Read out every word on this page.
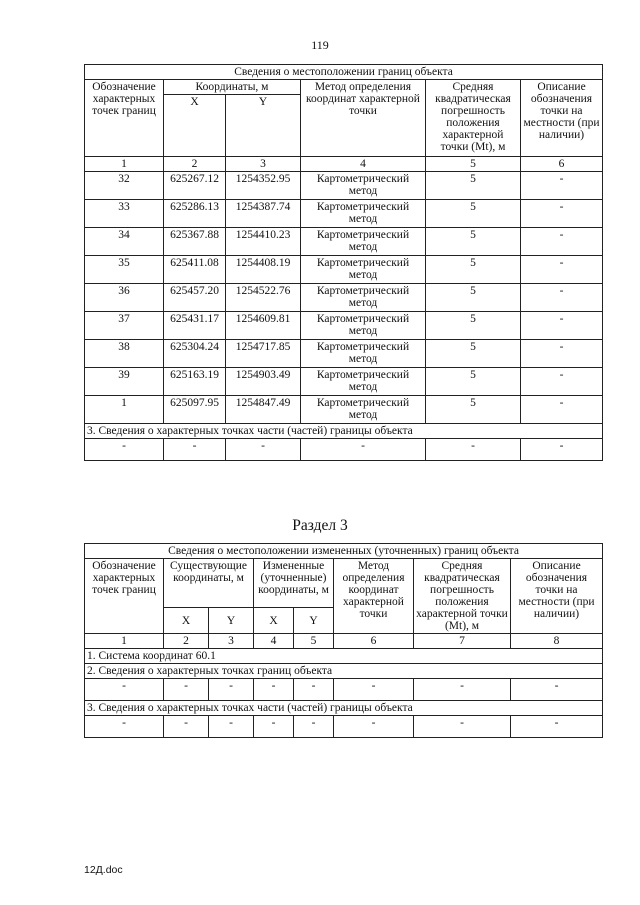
119
Сведения о местоположении границ объекта					
Обозначение характерных точек границ	Координаты, м		Метод определения координат характерной точки	Средняя квадратическая погрешность положения характерной точки (Mt), м	Описание обозначения точки на местности (при наличии)
	X	Y			
1	2	3	4	5	6
32	625267.12	1254352.95	Картометрический метод	5	-
33	625286.13	1254387.74	Картометрический метод	5	-
34	625367.88	1254410.23	Картометрический метод	5	-
35	625411.08	1254408.19	Картометрический метод	5	-
36	625457.20	1254522.76	Картометрический метод	5	-
37	625431.17	1254609.81	Картометрический метод	5	-
38	625304.24	1254717.85	Картометрический метод	5	-
39	625163.19	1254903.49	Картометрический метод	5	-
1	625097.95	1254847.49	Картометрический метод	5	-
3. Сведения о характерных точках части (частей) границы объекта					
-	-	-	-	-	-
Раздел 3
Сведения о местоположении измененных (уточненных) границ объекта							
Обозначение характерных точек границ	Существующие координаты, м		Измененные (уточненные) координаты, м		Метод определения координат характерной точки	Средняя квадратическая погрешность положения характерной точки (Mt), м	Описание обозначения точки на местности (при наличии)
	X	Y	X	Y			
1	2	3	4	5	6	7	8
1. Система координат 60.1							
2. Сведения о характерных точках границ объекта							
-	-	-	-	-	-	-	-
3. Сведения о характерных точках части (частей) границы объекта							
-	-	-	-	-	-	-	-
12Д.doc
